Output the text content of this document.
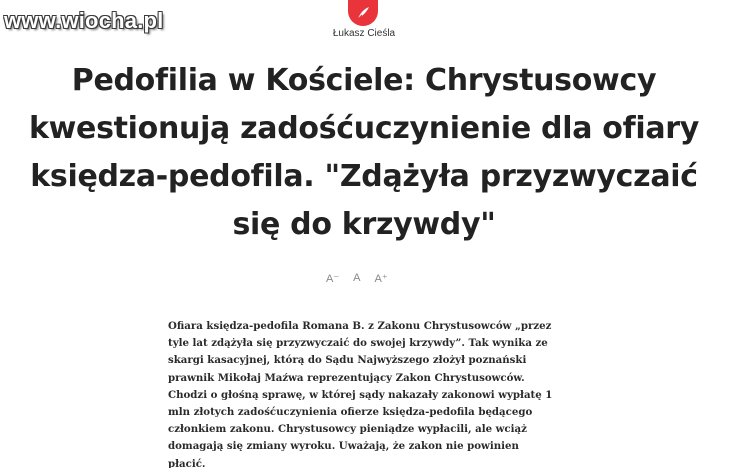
www.wiocha.pl
Łukasz Cieśla
Pedofilia w Kościele: Chrystusowcy kwestionują zadośćuczynienie dla ofiary księdza-pedofila. "Zdążyła przyzwyczaić się do krzywdy"
A⁻ A A⁺

Ofiara księdza-pedofila Romana B. z Zakonu Chrystusowców „przez tyle lat zdążyła się przyzwyczaić do swojej krzywdy”. Tak wynika ze skargi kasacyjnej, którą do Sądu Najwyższego złożył poznański prawnik Mikołaj Maźwa reprezentujący Zakon Chrystusowców. Chodzi o głośną sprawę, w której sądy nakazały zakonowi wypłatę 1 mln złotych zadośćuczynienia ofierze księdza-pedofila będącego członkiem zakonu. Chrystusowcy pieniądze wypłacili, ale wciąż domagają się zmiany wyroku. Uważają, że zakon nie powinien płacić.
